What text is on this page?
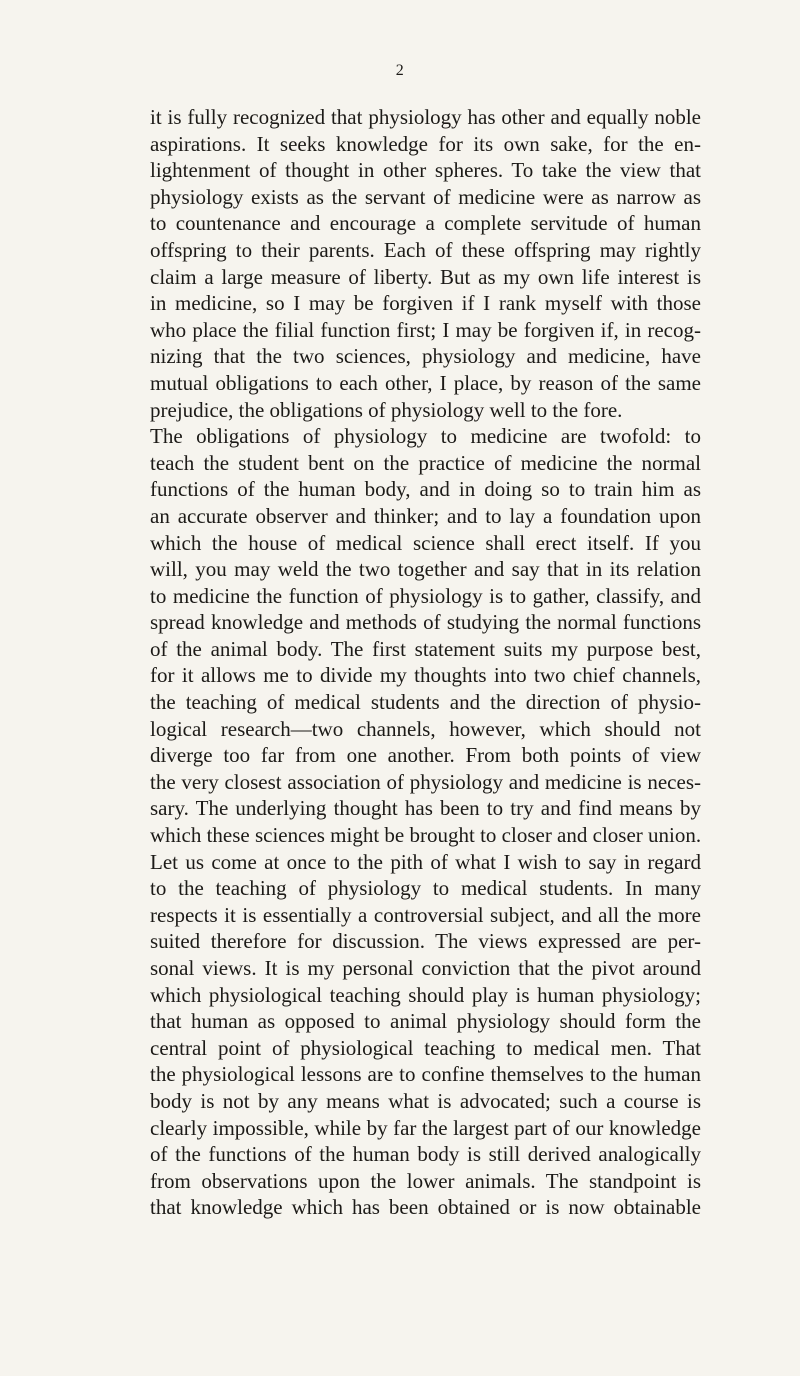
2
it is fully recognized that physiology has other and equally noble
aspirations. It seeks knowledge for its own sake, for the en-
lightenment of thought in other spheres. To take the view that
physiology exists as the servant of medicine were as narrow as
to countenance and encourage a complete servitude of human
offspring to their parents. Each of these offspring may rightly
claim a large measure of liberty. But as my own life interest is
in medicine, so I may be forgiven if I rank myself with those
who place the filial function first; I may be forgiven if, in recog-
nizing that the two sciences, physiology and medicine, have
mutual obligations to each other, I place, by reason of the same
prejudice, the obligations of physiology well to the fore.
The obligations of physiology to medicine are twofold: to
teach the student bent on the practice of medicine the normal
functions of the human body, and in doing so to train him as
an accurate observer and thinker; and to lay a foundation upon
which the house of medical science shall erect itself. If you
will, you may weld the two together and say that in its relation
to medicine the function of physiology is to gather, classify, and
spread knowledge and methods of studying the normal functions
of the animal body. The first statement suits my purpose best,
for it allows me to divide my thoughts into two chief channels,
the teaching of medical students and the direction of physio-
logical research—two channels, however, which should not
diverge too far from one another. From both points of view
the very closest association of physiology and medicine is neces-
sary. The underlying thought has been to try and find means by
which these sciences might be brought to closer and closer union.
Let us come at once to the pith of what I wish to say in regard
to the teaching of physiology to medical students. In many
respects it is essentially a controversial subject, and all the more
suited therefore for discussion. The views expressed are per-
sonal views. It is my personal conviction that the pivot around
which physiological teaching should play is human physiology;
that human as opposed to animal physiology should form the
central point of physiological teaching to medical men. That
the physiological lessons are to confine themselves to the human
body is not by any means what is advocated; such a course is
clearly impossible, while by far the largest part of our knowledge
of the functions of the human body is still derived analogically
from observations upon the lower animals. The standpoint is
that knowledge which has been obtained or is now obtainable
